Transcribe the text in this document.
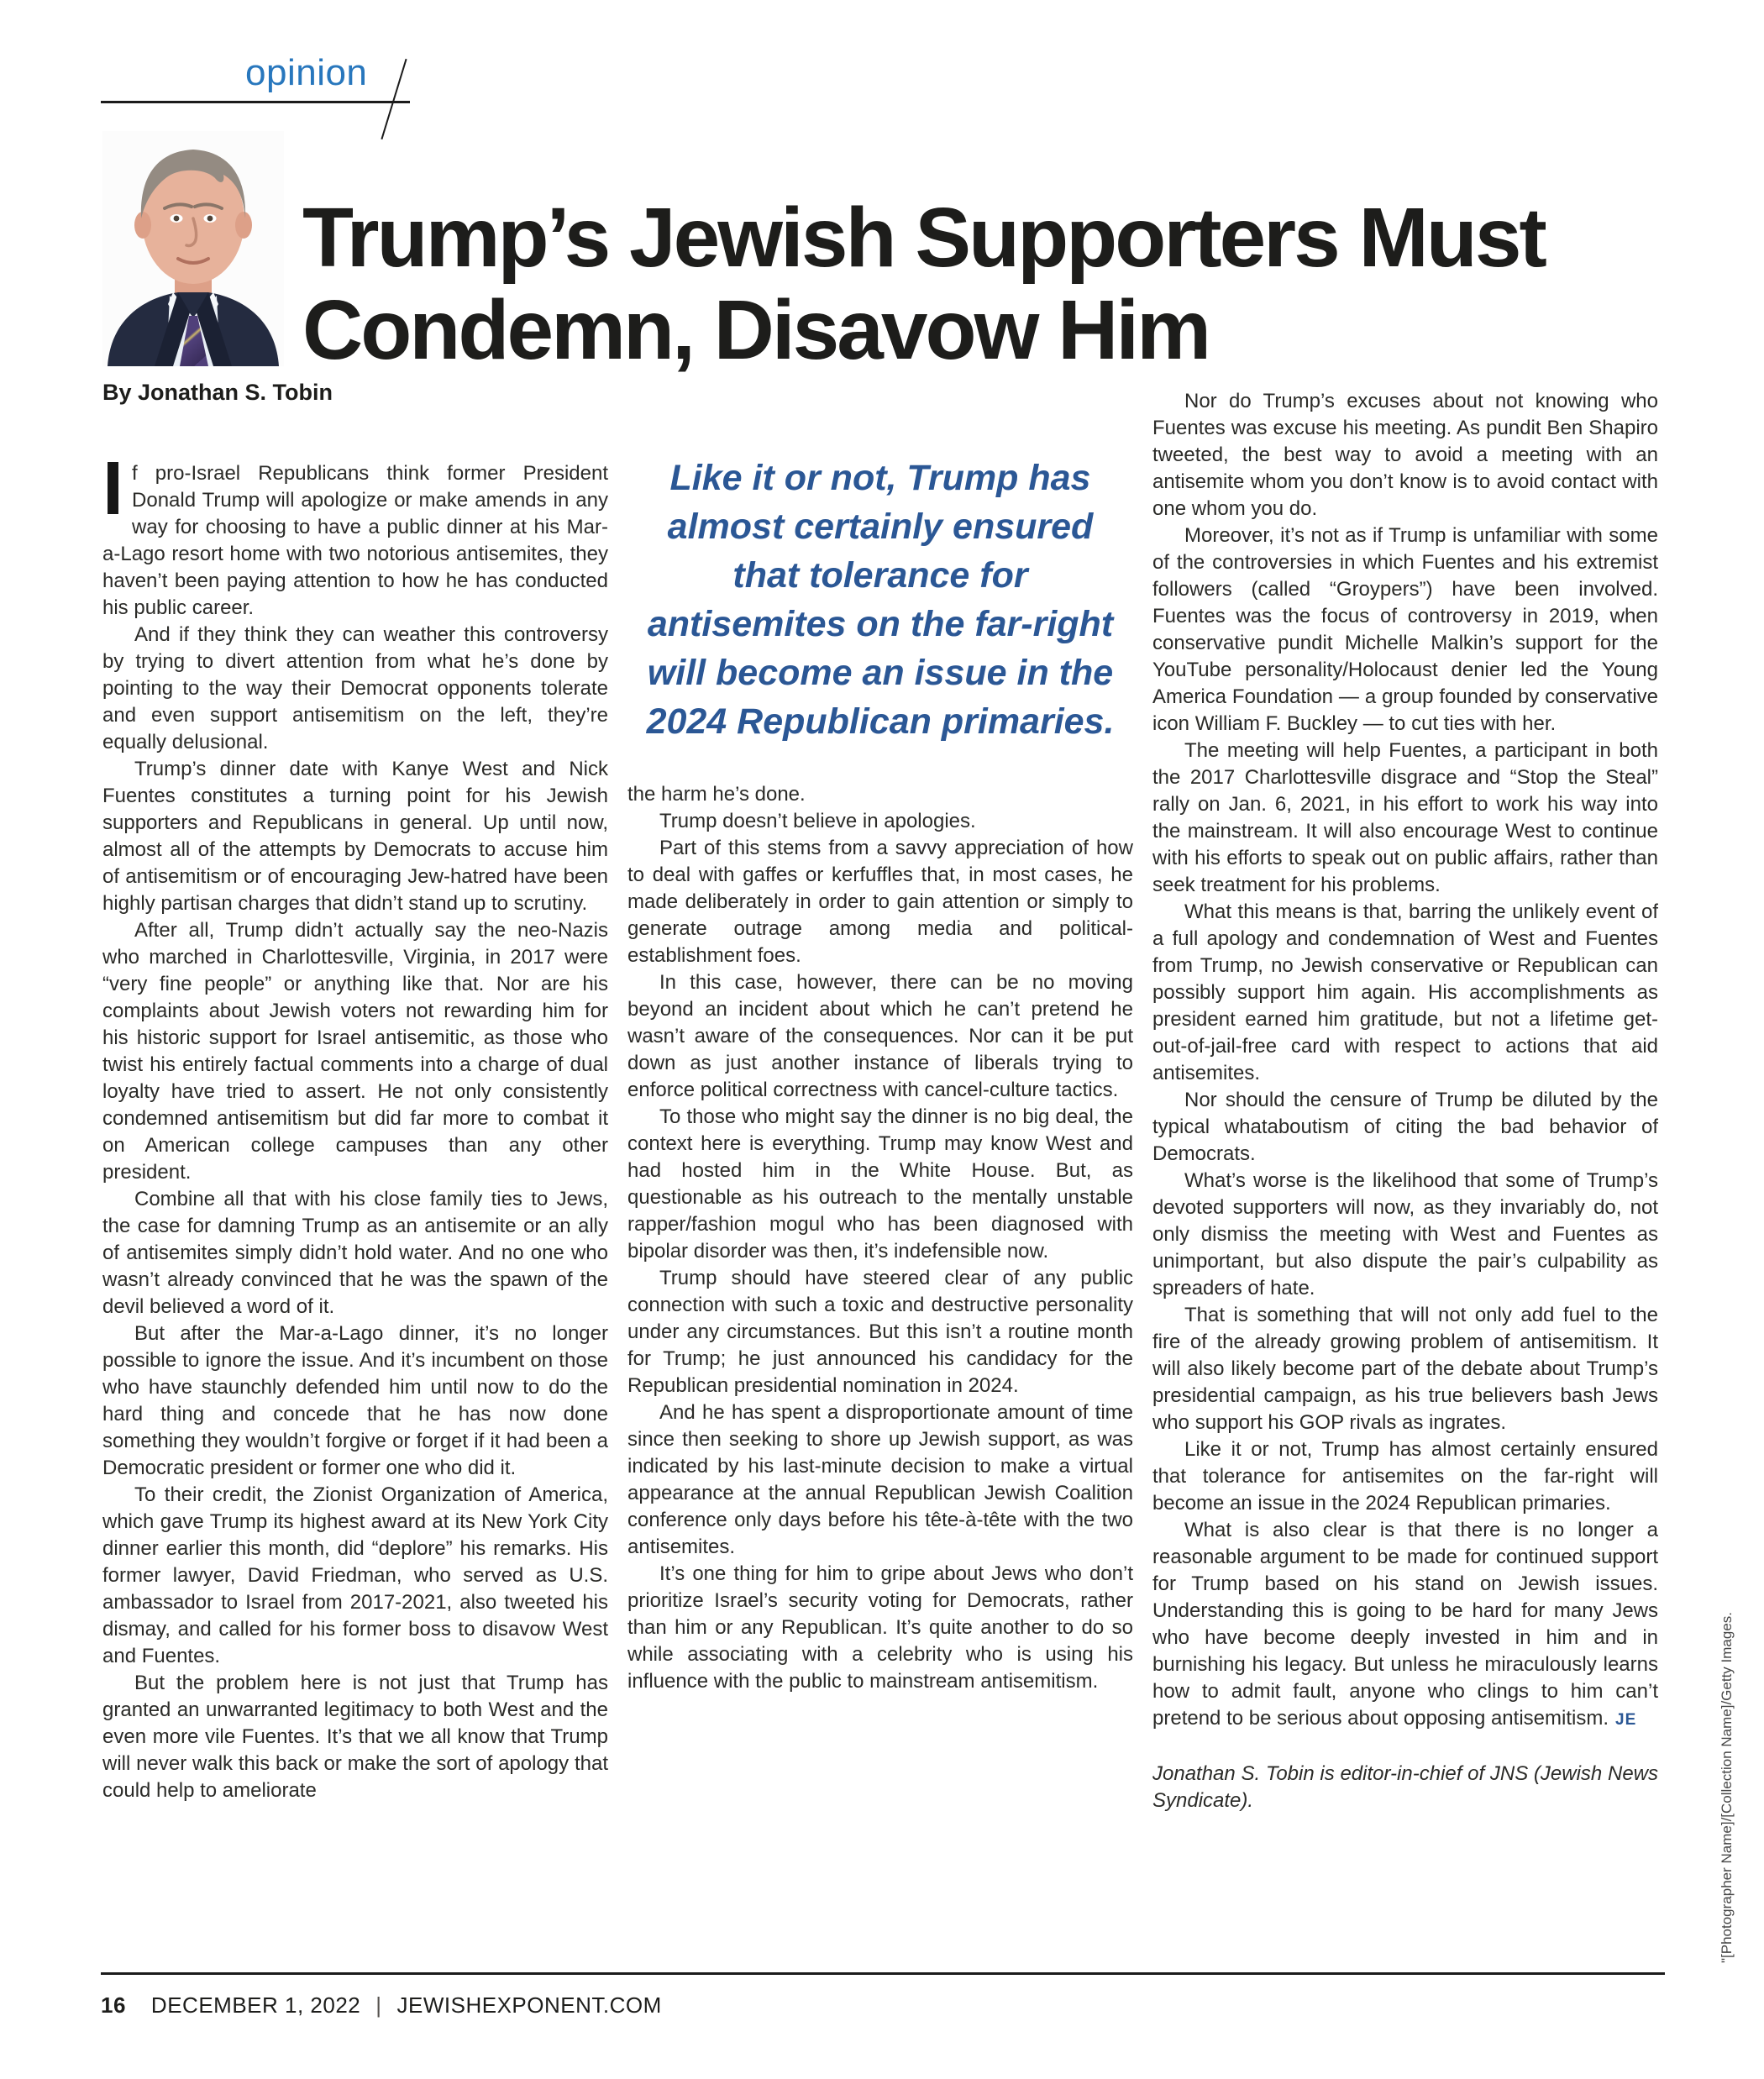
opinion
Trump’s Jewish Supporters Must
Condemn, Disavow Him
By Jonathan S. Tobin

If pro-Israel Republicans think former President Donald Trump will apologize or make amends in any way for choosing to have a public dinner at his Mar-a-Lago resort home with two notorious antisemites, they haven’t been paying attention to how he has conducted his public career.

And if they think they can weather this controversy by trying to divert attention from what he’s done by pointing to the way their Democrat opponents tolerate and even support antisemitism on the left, they’re equally delusional.

Trump’s dinner date with Kanye West and Nick Fuentes constitutes a turning point for his Jewish supporters and Republicans in general. Up until now, almost all of the attempts by Democrats to accuse him of antisemitism or of encouraging Jew-hatred have been highly partisan charges that didn’t stand up to scrutiny.

After all, Trump didn’t actually say the neo-Nazis who marched in Charlottesville, Virginia, in 2017 were “very fine people” or anything like that. Nor are his complaints about Jewish voters not rewarding him for his historic support for Israel antisemitic, as those who twist his entirely factual comments into a charge of dual loyalty have tried to assert. He not only consistently condemned antisemitism but did far more to combat it on American college campuses than any other president.

Combine all that with his close family ties to Jews, the case for damning Trump as an antisemite or an ally of antisemites simply didn’t hold water. And no one who wasn’t already convinced that he was the spawn of the devil believed a word of it.

But after the Mar-a-Lago dinner, it’s no longer possible to ignore the issue. And it’s incumbent on those who have staunchly defended him until now to do the hard thing and concede that he has now done something they wouldn’t forgive or forget if it had been a Democratic president or former one who did it.

To their credit, the Zionist Organization of America, which gave Trump its highest award at its New York City dinner earlier this month, did “deplore” his remarks. His former lawyer, David Friedman, who served as U.S. ambassador to Israel from 2017-2021, also tweeted his dismay, and called for his former boss to disavow West and Fuentes.

But the problem here is not just that Trump has granted an unwarranted legitimacy to both West and the even more vile Fuentes. It’s that we all know that Trump will never walk this back or make the sort of apology that could help to ameliorate

Like it or not, Trump has almost certainly ensured that tolerance for antisemites on the far-right will become an issue in the 2024 Republican primaries.

the harm he’s done.

Trump doesn’t believe in apologies.

Part of this stems from a savvy appreciation of how to deal with gaffes or kerfuffles that, in most cases, he made deliberately in order to gain attention or simply to generate outrage among media and political-establishment foes.

In this case, however, there can be no moving beyond an incident about which he can’t pretend he wasn’t aware of the consequences. Nor can it be put down as just another instance of liberals trying to enforce political correctness with cancel-culture tactics.

To those who might say the dinner is no big deal, the context here is everything. Trump may know West and had hosted him in the White House. But, as questionable as his outreach to the mentally unstable rapper/fashion mogul who has been diagnosed with bipolar disorder was then, it’s indefensible now.

Trump should have steered clear of any public connection with such a toxic and destructive personality under any circumstances. But this isn’t a routine month for Trump; he just announced his candidacy for the Republican presidential nomination in 2024.

And he has spent a disproportionate amount of time since then seeking to shore up Jewish support, as was indicated by his last-minute decision to make a virtual appearance at the annual Republican Jewish Coalition conference only days before his tête-à-tête with the two antisemites.

It’s one thing for him to gripe about Jews who don’t prioritize Israel’s security voting for Democrats, rather than him or any Republican. It’s quite another to do so while associating with a celebrity who is using his influence with the public to mainstream antisemitism.

Nor do Trump’s excuses about not knowing who Fuentes was excuse his meeting. As pundit Ben Shapiro tweeted, the best way to avoid a meeting with an antisemite whom you don’t know is to avoid contact with one whom you do.

Moreover, it’s not as if Trump is unfamiliar with some of the controversies in which Fuentes and his extremist followers (called “Groypers”) have been involved. Fuentes was the focus of controversy in 2019, when conservative pundit Michelle Malkin’s support for the YouTube personality/Holocaust denier led the Young America Foundation — a group founded by conservative icon William F. Buckley — to cut ties with her.

The meeting will help Fuentes, a participant in both the 2017 Charlottesville disgrace and “Stop the Steal” rally on Jan. 6, 2021, in his effort to work his way into the mainstream. It will also encourage West to continue with his efforts to speak out on public affairs, rather than seek treatment for his problems.

What this means is that, barring the unlikely event of a full apology and condemnation of West and Fuentes from Trump, no Jewish conservative or Republican can possibly support him again. His accomplishments as president earned him gratitude, but not a lifetime get-out-of-jail-free card with respect to actions that aid antisemites.

Nor should the censure of Trump be diluted by the typical whataboutism of citing the bad behavior of Democrats.

What’s worse is the likelihood that some of Trump’s devoted supporters will now, as they invariably do, not only dismiss the meeting with West and Fuentes as unimportant, but also dispute the pair’s culpability as spreaders of hate.

That is something that will not only add fuel to the fire of the already growing problem of antisemitism. It will also likely become part of the debate about Trump’s presidential campaign, as his true believers bash Jews who support his GOP rivals as ingrates.

Like it or not, Trump has almost certainly ensured that tolerance for antisemites on the far-right will become an issue in the 2024 Republican primaries.

What is also clear is that there is no longer a reasonable argument to be made for continued support for Trump based on his stand on Jewish issues. Understanding this is going to be hard for many Jews who have become deeply invested in him and in burnishing his legacy. But unless he miraculously learns how to admit fault, anyone who clings to him can’t pretend to be serious about opposing antisemitism. JE

Jonathan S. Tobin is editor-in-chief of JNS (Jewish News Syndicate).

16 DECEMBER 1, 2022 | JEWISHEXPONENT.COM
"[Photographer Name]/[Collection Name]/Getty Images.
